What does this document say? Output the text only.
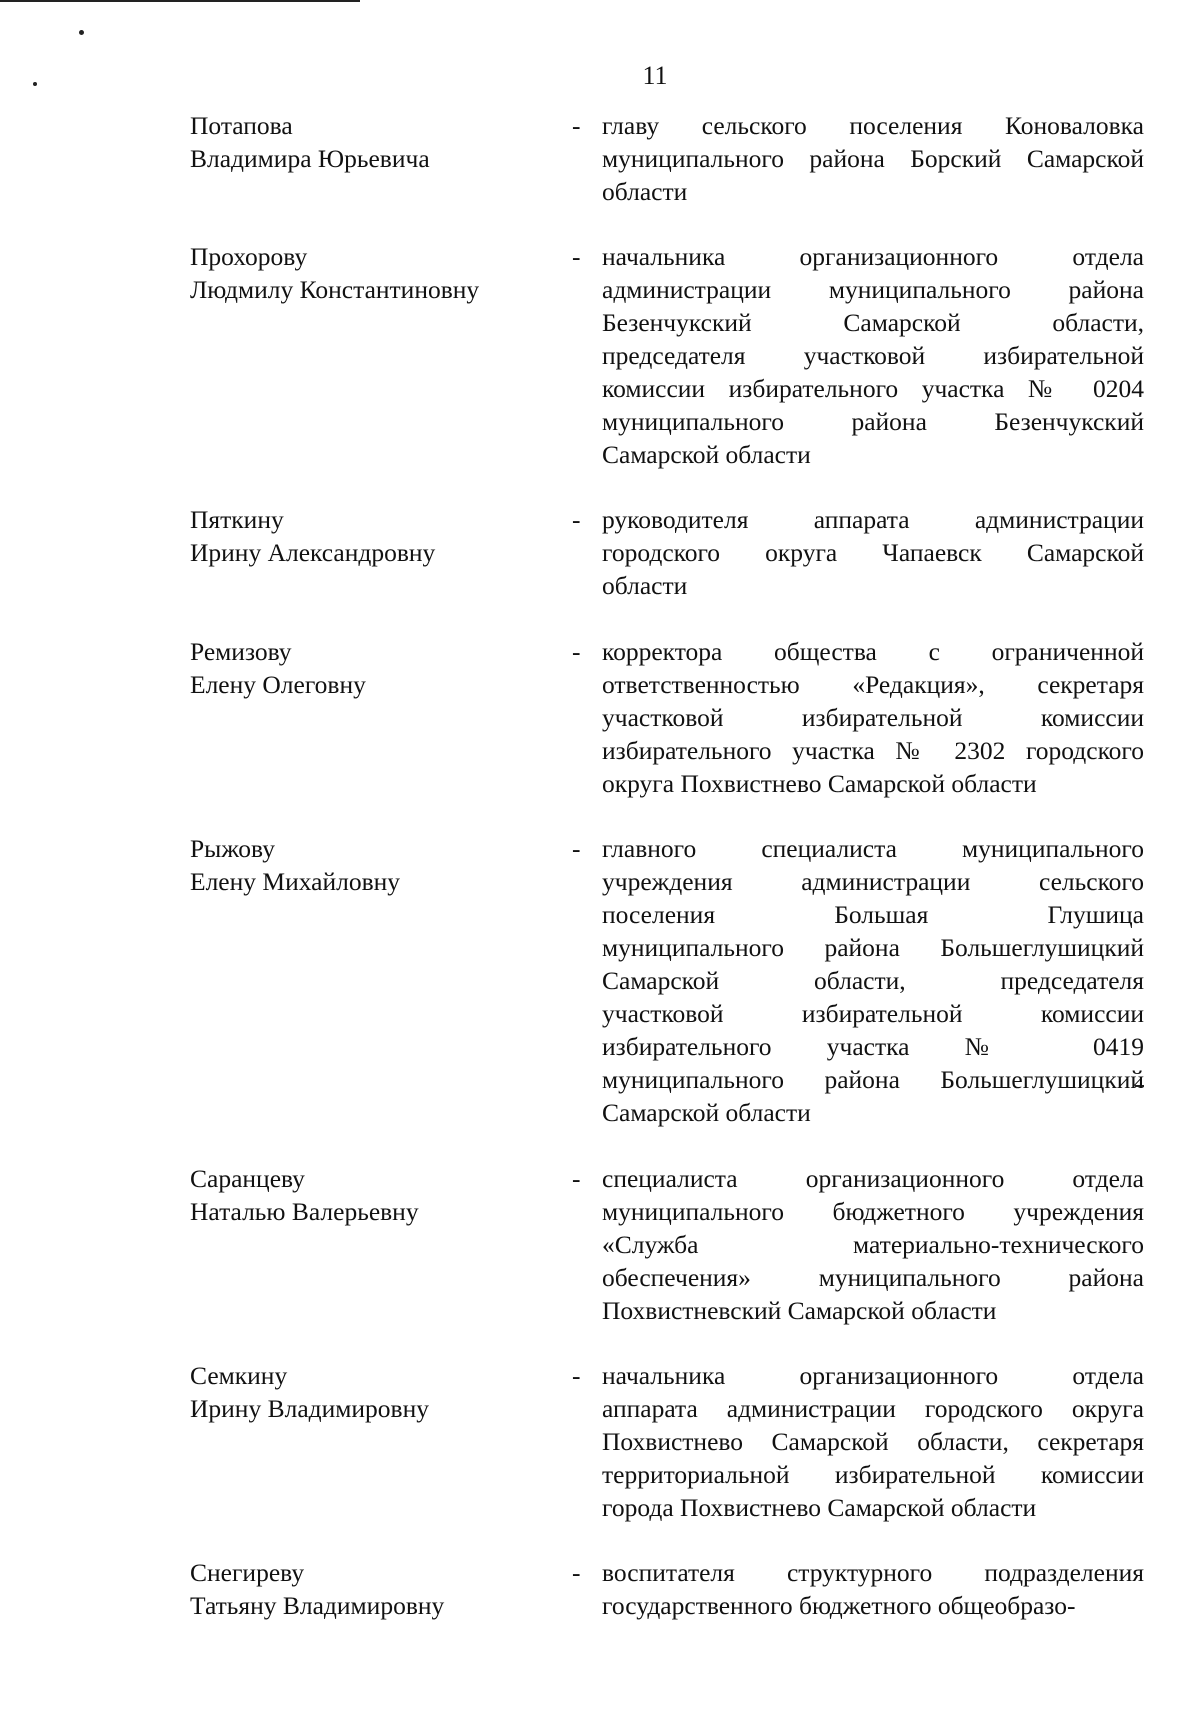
11
Потапова
Владимира Юрьевича
- главу сельского поселения Коноваловка
муниципального района Борский Самарской
области
Прохорову
Людмилу Константиновну
- начальника организационного отдела
администрации муниципального района
Безенчукский Самарской области,
председателя участковой избирательной
комиссии избирательного участка № 0204
муниципального района Безенчукский
Самарской области
Пяткину
Ирину Александровну
- руководителя аппарата администрации
городского округа Чапаевск Самарской
области
Ремизову
Елену Олеговну
- корректора общества с ограниченной
ответственностью «Редакция», секретаря
участковой избирательной комиссии
избирательного участка № 2302 городского
округа Похвистнево Самарской области
Рыжову
Елену Михайловну
- главного специалиста муниципального
учреждения администрации сельского
поселения Большая Глушица
муниципального района Большеглушицкий
Самарской области, председателя
участковой избирательной комиссии
избирательного участка № 0419
муниципального района Большеглушицкий
Самарской области
Саранцеву
Наталью Валерьевну
- специалиста организационного отдела
муниципального бюджетного учреждения
«Служба материально-технического
обеспечения» муниципального района
Похвистневский Самарской области
Семкину
Ирину Владимировну
- начальника организационного отдела
аппарата администрации городского округа
Похвистнево Самарской области, секретаря
территориальной избирательной комиссии
города Похвистнево Самарской области
Снегиреву
Татьяну Владимировну
- воспитателя структурного подразделения
государственного бюджетного общеобразо-
